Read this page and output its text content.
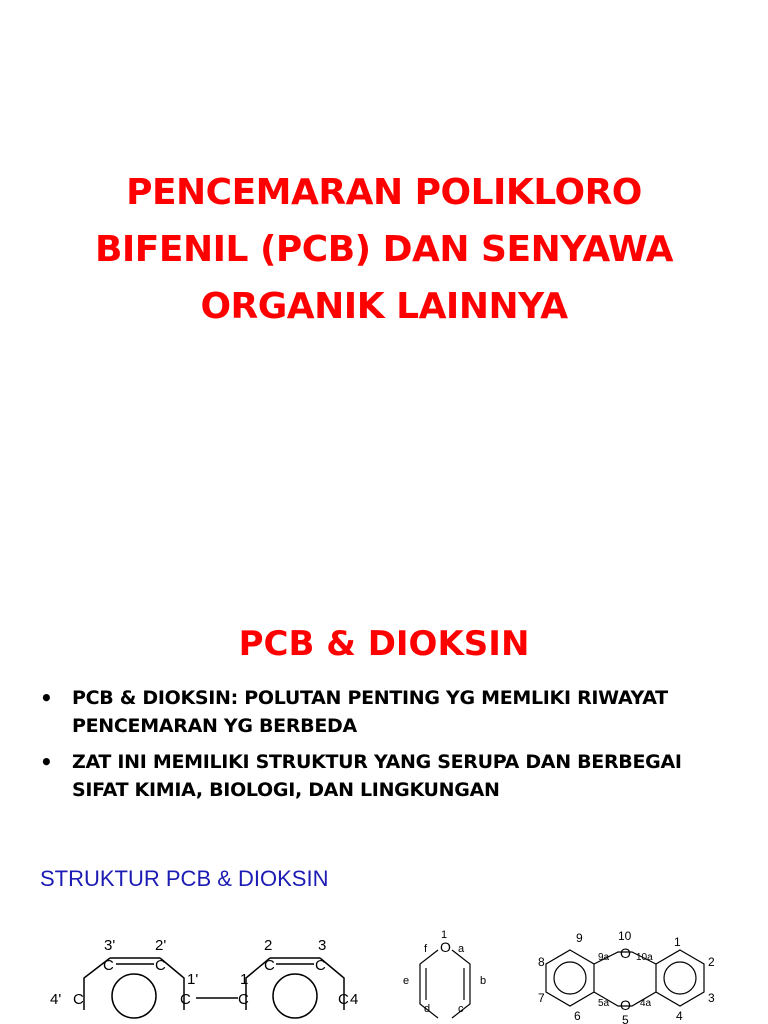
PENCEMARAN POLIKLORO
BIFENIL (PCB) DAN SENYAWA
ORGANIK LAINNYA
PCB & DIOKSIN
• PCB & DIOKSIN: POLUTAN PENTING YG MEMLIKI RIWAYAT
PENCEMARAN YG BERBEDA
• ZAT INI MEMILIKI STRUKTUR YANG SERUPA DAN BERBEGAI
SIFAT KIMIA, BIOLOGI, DAN LINGKUNGAN
STRUKTUR PCB & DIOKSIN
3'	2'
C	C
4' C
1'
C
2	3
C	C
1
C	C 4
1
O a
b
c
d
e
f
9	10	1
8	9a O 10a	2
7	5a O 4a	3
6	5	4
